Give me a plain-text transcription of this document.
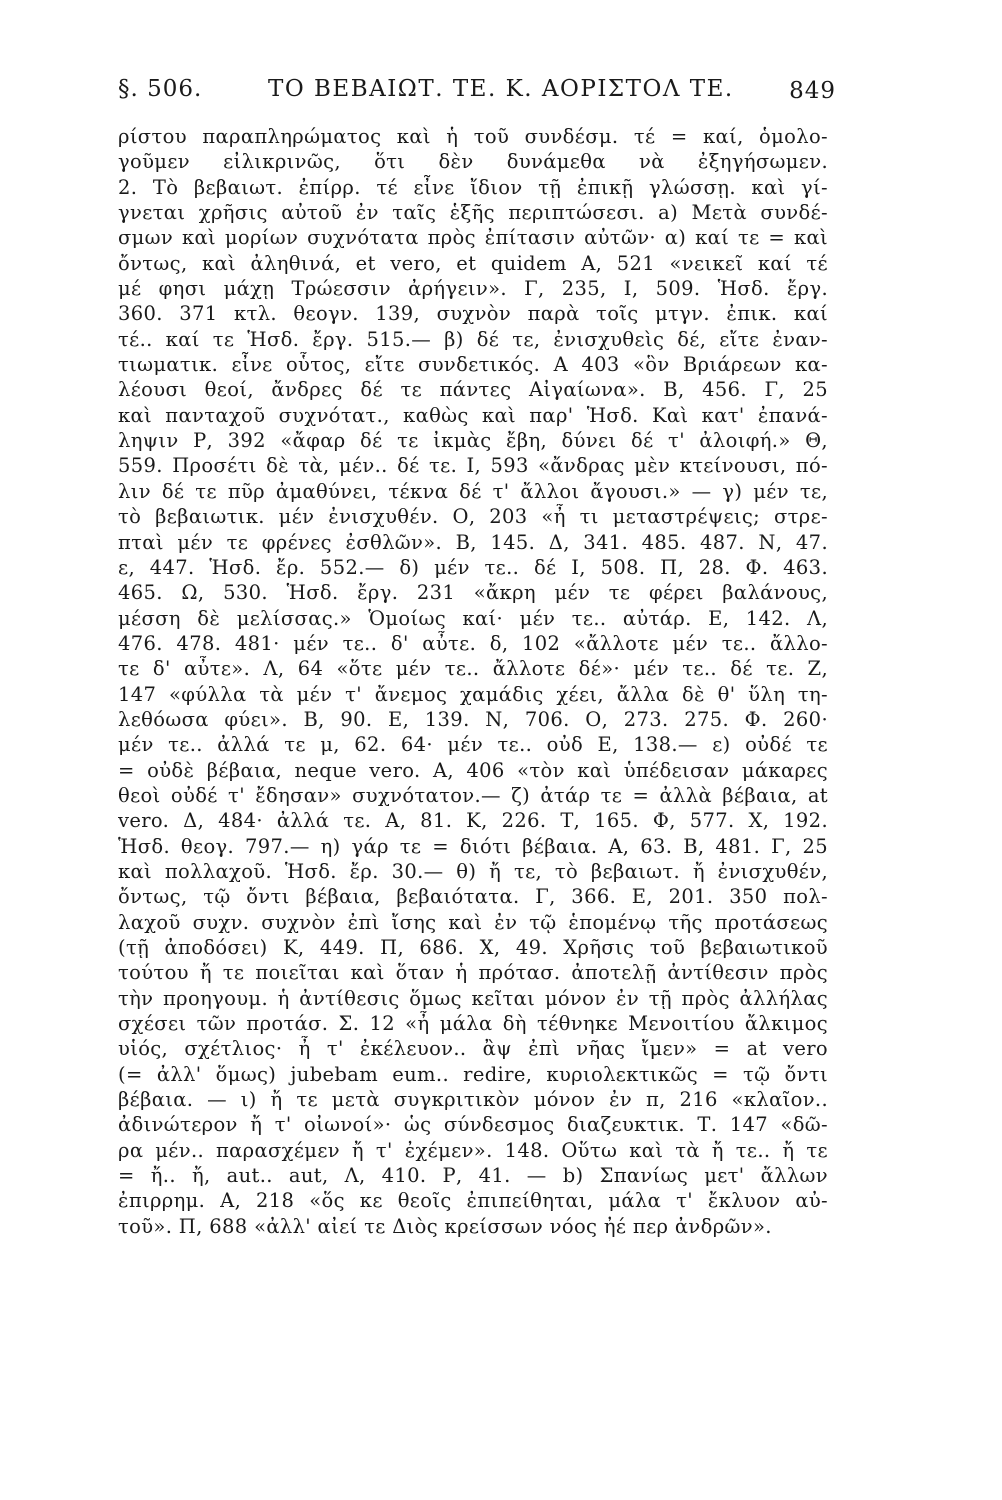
§. 506.	ΤΟ ΒΕΒΑΙΩΤ. ΤΕ. Κ. ΑΟΡΙΣΤΟΛ ΤΕ. 849
ρίστου παραπληρώματος καὶ ἡ τοῦ συνδέσμ. τέ = καί, ὁμολο-
γοῦμεν εἰλικρινῶς, ὅτι δὲν δυνάμεθα νὰ ἐξηγήσωμεν.
2. Τὸ βεβαιωτ. ἐπίρρ. τέ εἶνε ἴδιον τῇ ἐπικῇ γλώσσῃ. καὶ γί-
γνεται χρῆσις αὐτοῦ ἐν ταῖς ἑξῆς περιπτώσεσι. a) Μετὰ συνδέ-
σμων καὶ μορίων συχνότατα πρὸς ἐπίτασιν αὐτῶν· α) καί τε = καὶ
ὄντως, καὶ ἀληθινά, et vero, et quidem Α, 521 «νεικεῖ καί τέ
μέ φησι μάχῃ Τρώεσσιν ἀρήγειν». Γ, 235, Ι, 509. Ἡσδ. ἔργ.
360. 371 κτλ. θεογν. 139, συχνὸν παρὰ τοῖς μτγν. ἐπικ. καί
τέ.. καί τε Ἡσδ. ἔργ. 515.— β) δέ τε, ἐνισχυθεὶς δέ, εἴτε ἐναν-
τιωματικ. εἶνε οὗτος, εἴτε συνδετικός. Α 403 «ὃν Βριάρεων κα-
λέουσι θεοί, ἄνδρες δέ τε πάντες Αἰγαίωνα». Β, 456. Γ, 25
καὶ πανταχοῦ συχνότατ., καθὼς καὶ παρ' Ἡσδ. Καὶ κατ' ἐπανά-
ληψιν Ρ, 392 «ἄφαρ δέ τε ἰκμὰς ἔβη, δύνει δέ τ' ἀλοιφή.» Θ,
559. Προσέτι δὲ τὰ, μέν.. δέ τε. Ι, 593 «ἄνδρας μὲν κτείνουσι, πό-
λιν δέ τε πῦρ ἀμαθύνει, τέκνα δέ τ' ἄλλοι ἄγουσι.» — γ) μέν τε,
τὸ βεβαιωτικ. μέν ἐνισχυθέν. Ο, 203 «ἦ τι μεταστρέψεις; στρε-
πταὶ μέν τε φρένες ἐσθλῶν». Β, 145. Δ, 341. 485. 487. Ν, 47.
ε, 447. Ἡσδ. ἔρ. 552.— δ) μέν τε.. δέ Ι, 508. Π, 28. Φ. 463.
465. Ω, 530. Ἡσδ. ἔργ. 231 «ἄκρη μέν τε φέρει βαλάνους,
μέσση δὲ μελίσσας.» Ὁμοίως καί· μέν τε.. αὐτάρ. Ε, 142. Λ,
476. 478. 481· μέν τε.. δ' αὖτε. δ, 102 «ἄλλοτε μέν τε.. ἄλλο-
τε δ' αὖτε». Λ, 64 «ὅτε μέν τε.. ἄλλοτε δέ»· μέν τε.. δέ τε. Ζ,
147 «φύλλα τὰ μέν τ' ἄνεμος χαμάδις χέει, ἄλλα δὲ θ' ὕλη τη-
λεθόωσα φύει». Β, 90. Ε, 139. Ν, 706. Ο, 273. 275. Φ. 260·
μέν τε.. ἀλλά τε μ, 62. 64· μέν τε.. οὐδ Ε, 138.— ε) οὐδέ τε
= οὐδὲ βέβαια, neque vero. Α, 406 «τὸν καὶ ὑπέδεισαν μάκαρες
θεοὶ οὐδέ τ' ἔδησαν» συχνότατον.— ζ) ἀτάρ τε = ἀλλὰ βέβαια, at
vero. Δ, 484· ἀλλά τε. Α, 81. Κ, 226. Τ, 165. Φ, 577. Χ, 192.
Ἡσδ. θεογ. 797.— η) γάρ τε = διότι βέβαια. Α, 63. Β, 481. Γ, 25
καὶ πολλαχοῦ. Ἡσδ. ἔρ. 30.— θ) ἤ τε, τὸ βεβαιωτ. ἤ ἐνισχυθέν,
ὄντως, τῷ ὄντι βέβαια, βεβαιότατα. Γ, 366. Ε, 201. 350 πολ-
λαχοῦ συχν. συχνὸν ἐπὶ ἴσης καὶ ἐν τῷ ἑπομένῳ τῆς προτάσεως
(τῇ ἀποδόσει) Κ, 449. Π, 686. Χ, 49. Χρῆσις τοῦ βεβαιωτικοῦ
τούτου ἤ τε ποιεῖται καὶ ὅταν ἡ πρότασ. ἀποτελῇ ἀντίθεσιν πρὸς
τὴν προηγουμ. ἡ ἀντίθεσις ὅμως κεῖται μόνον ἐν τῇ πρὸς ἀλλήλας
σχέσει τῶν προτάσ. Σ. 12 «ἦ μάλα δὴ τέθνηκε Μενοιτίου ἄλκιμος
υἱός, σχέτλιος· ἦ τ' ἐκέλευον.. ἂψ ἐπὶ νῆας ἴμεν» = at vero
(= ἀλλ' ὅμως) jubebam eum.. redire, κυριολεκτικῶς = τῷ ὄντι
βέβαια. — ι) ἤ τε μετὰ συγκριτικὸν μόνον ἐν π, 216 «κλαῖον..
ἀδινώτερον ἤ τ' οἰωνοί»· ὡς σύνδεσμος διαζευκτικ. Τ. 147 «δῶ-
ρα μέν.. παρασχέμεν ἤ τ' ἐχέμεν». 148. Οὕτω καὶ τὰ ἤ τε.. ἤ τε
= ἤ.. ἤ, aut.. aut, Λ, 410. Ρ, 41. — b) Σπανίως μετ' ἄλλων
ἐπιρρημ. Α, 218 «ὅς κε θεοῖς ἐπιπείθηται, μάλα τ' ἔκλυον αὐ-
τοῦ». Π, 688 «ἀλλ' αἰεί τε Διὸς κρείσσων νόος ἠέ περ ἀνδρῶν».
